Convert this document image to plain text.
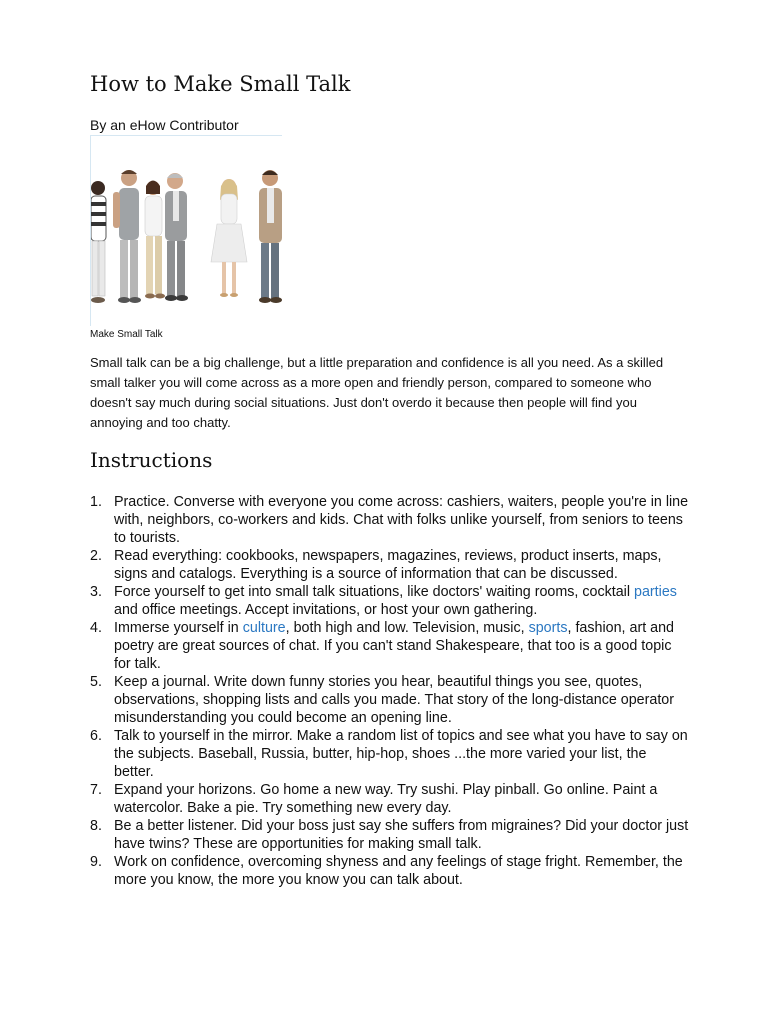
How to Make Small Talk
By an eHow Contributor
Make Small Talk

Small talk can be a big challenge, but a little preparation and confidence is all you need. As a skilled small talker you will come across as a more open and friendly person, compared to someone who doesn't say much during social situations. Just don't overdo it because then people will find you annoying and too chatty.

Instructions
1. Practice. Converse with everyone you come across: cashiers, waiters, people you're in line with, neighbors, co-workers and kids. Chat with folks unlike yourself, from seniors to teens to tourists.
2. Read everything: cookbooks, newspapers, magazines, reviews, product inserts, maps, signs and catalogs. Everything is a source of information that can be discussed.
3. Force yourself to get into small talk situations, like doctors' waiting rooms, cocktail parties and office meetings. Accept invitations, or host your own gathering.
4. Immerse yourself in culture, both high and low. Television, music, sports, fashion, art and poetry are great sources of chat. If you can't stand Shakespeare, that too is a good topic for talk.
5. Keep a journal. Write down funny stories you hear, beautiful things you see, quotes, observations, shopping lists and calls you made. That story of the long-distance operator misunderstanding you could become an opening line.
6. Talk to yourself in the mirror. Make a random list of topics and see what you have to say on the subjects. Baseball, Russia, butter, hip-hop, shoes ...the more varied your list, the better.
7. Expand your horizons. Go home a new way. Try sushi. Play pinball. Go online. Paint a watercolor. Bake a pie. Try something new every day.
8. Be a better listener. Did your boss just say she suffers from migraines? Did your doctor just have twins? These are opportunities for making small talk.
9. Work on confidence, overcoming shyness and any feelings of stage fright. Remember, the more you know, the more you know you can talk about.
